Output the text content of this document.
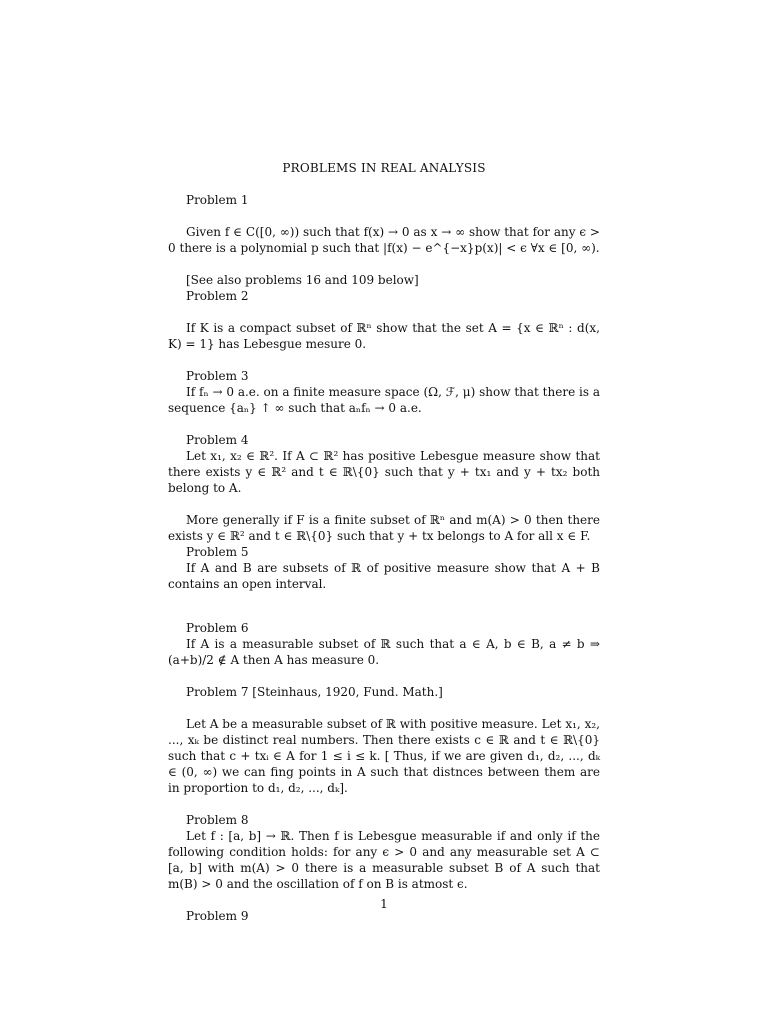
PROBLEMS IN REAL ANALYSIS
Problem 1

Given f ∈ C([0, ∞)) such that f(x) → 0 as x → ∞ show that for any ϵ > 0 there is a polynomial p such that |f(x) − e^{−x}p(x)| < ϵ ∀x ∈ [0, ∞).

[See also problems 16 and 109 below]

Problem 2

If K is a compact subset of ℝⁿ show that the set A = {x ∈ ℝⁿ : d(x, K) = 1} has Lebesgue mesure 0.

Problem 3

If fₙ → 0 a.e. on a finite measure space (Ω, ℱ, μ) show that there is a sequence {aₙ} ↑ ∞ such that aₙfₙ → 0 a.e.

Problem 4

Let x₁, x₂ ∈ ℝ². If A ⊂ ℝ² has positive Lebesgue measure show that there exists y ∈ ℝ² and t ∈ ℝ\{0} such that y + tx₁ and y + tx₂ both belong to A.

More generally if F is a finite subset of ℝⁿ and m(A) > 0 then there exists y ∈ ℝ² and t ∈ ℝ\{0} such that y + tx belongs to A for all x ∈ F.

Problem 5

If A and B are subsets of ℝ of positive measure show that A + B contains an open interval.

Problem 6

If A is a measurable subset of ℝ such that a ∈ A, b ∈ B, a ≠ b ⇒ (a+b)/2 ∉ A then A has measure 0.

Problem 7 [Steinhaus, 1920, Fund. Math.]

Let A be a measurable subset of ℝ with positive measure. Let x₁, x₂, ..., xₖ be distinct real numbers. Then there exists c ∈ ℝ and t ∈ ℝ\{0} such that c + txᵢ ∈ A for 1 ≤ i ≤ k. [ Thus, if we are given d₁, d₂, ..., dₖ ∈ (0, ∞) we can fing points in A such that distnces between them are in proportion to d₁, d₂, ..., dₖ].

Problem 8

Let f : [a, b] → ℝ. Then f is Lebesgue measurable if and only if the following condition holds: for any ϵ > 0 and any measurable set A ⊂ [a, b] with m(A) > 0 there is a measurable subset B of A such that m(B) > 0 and the oscillation of f on B is atmost ϵ.

Problem 9
1
